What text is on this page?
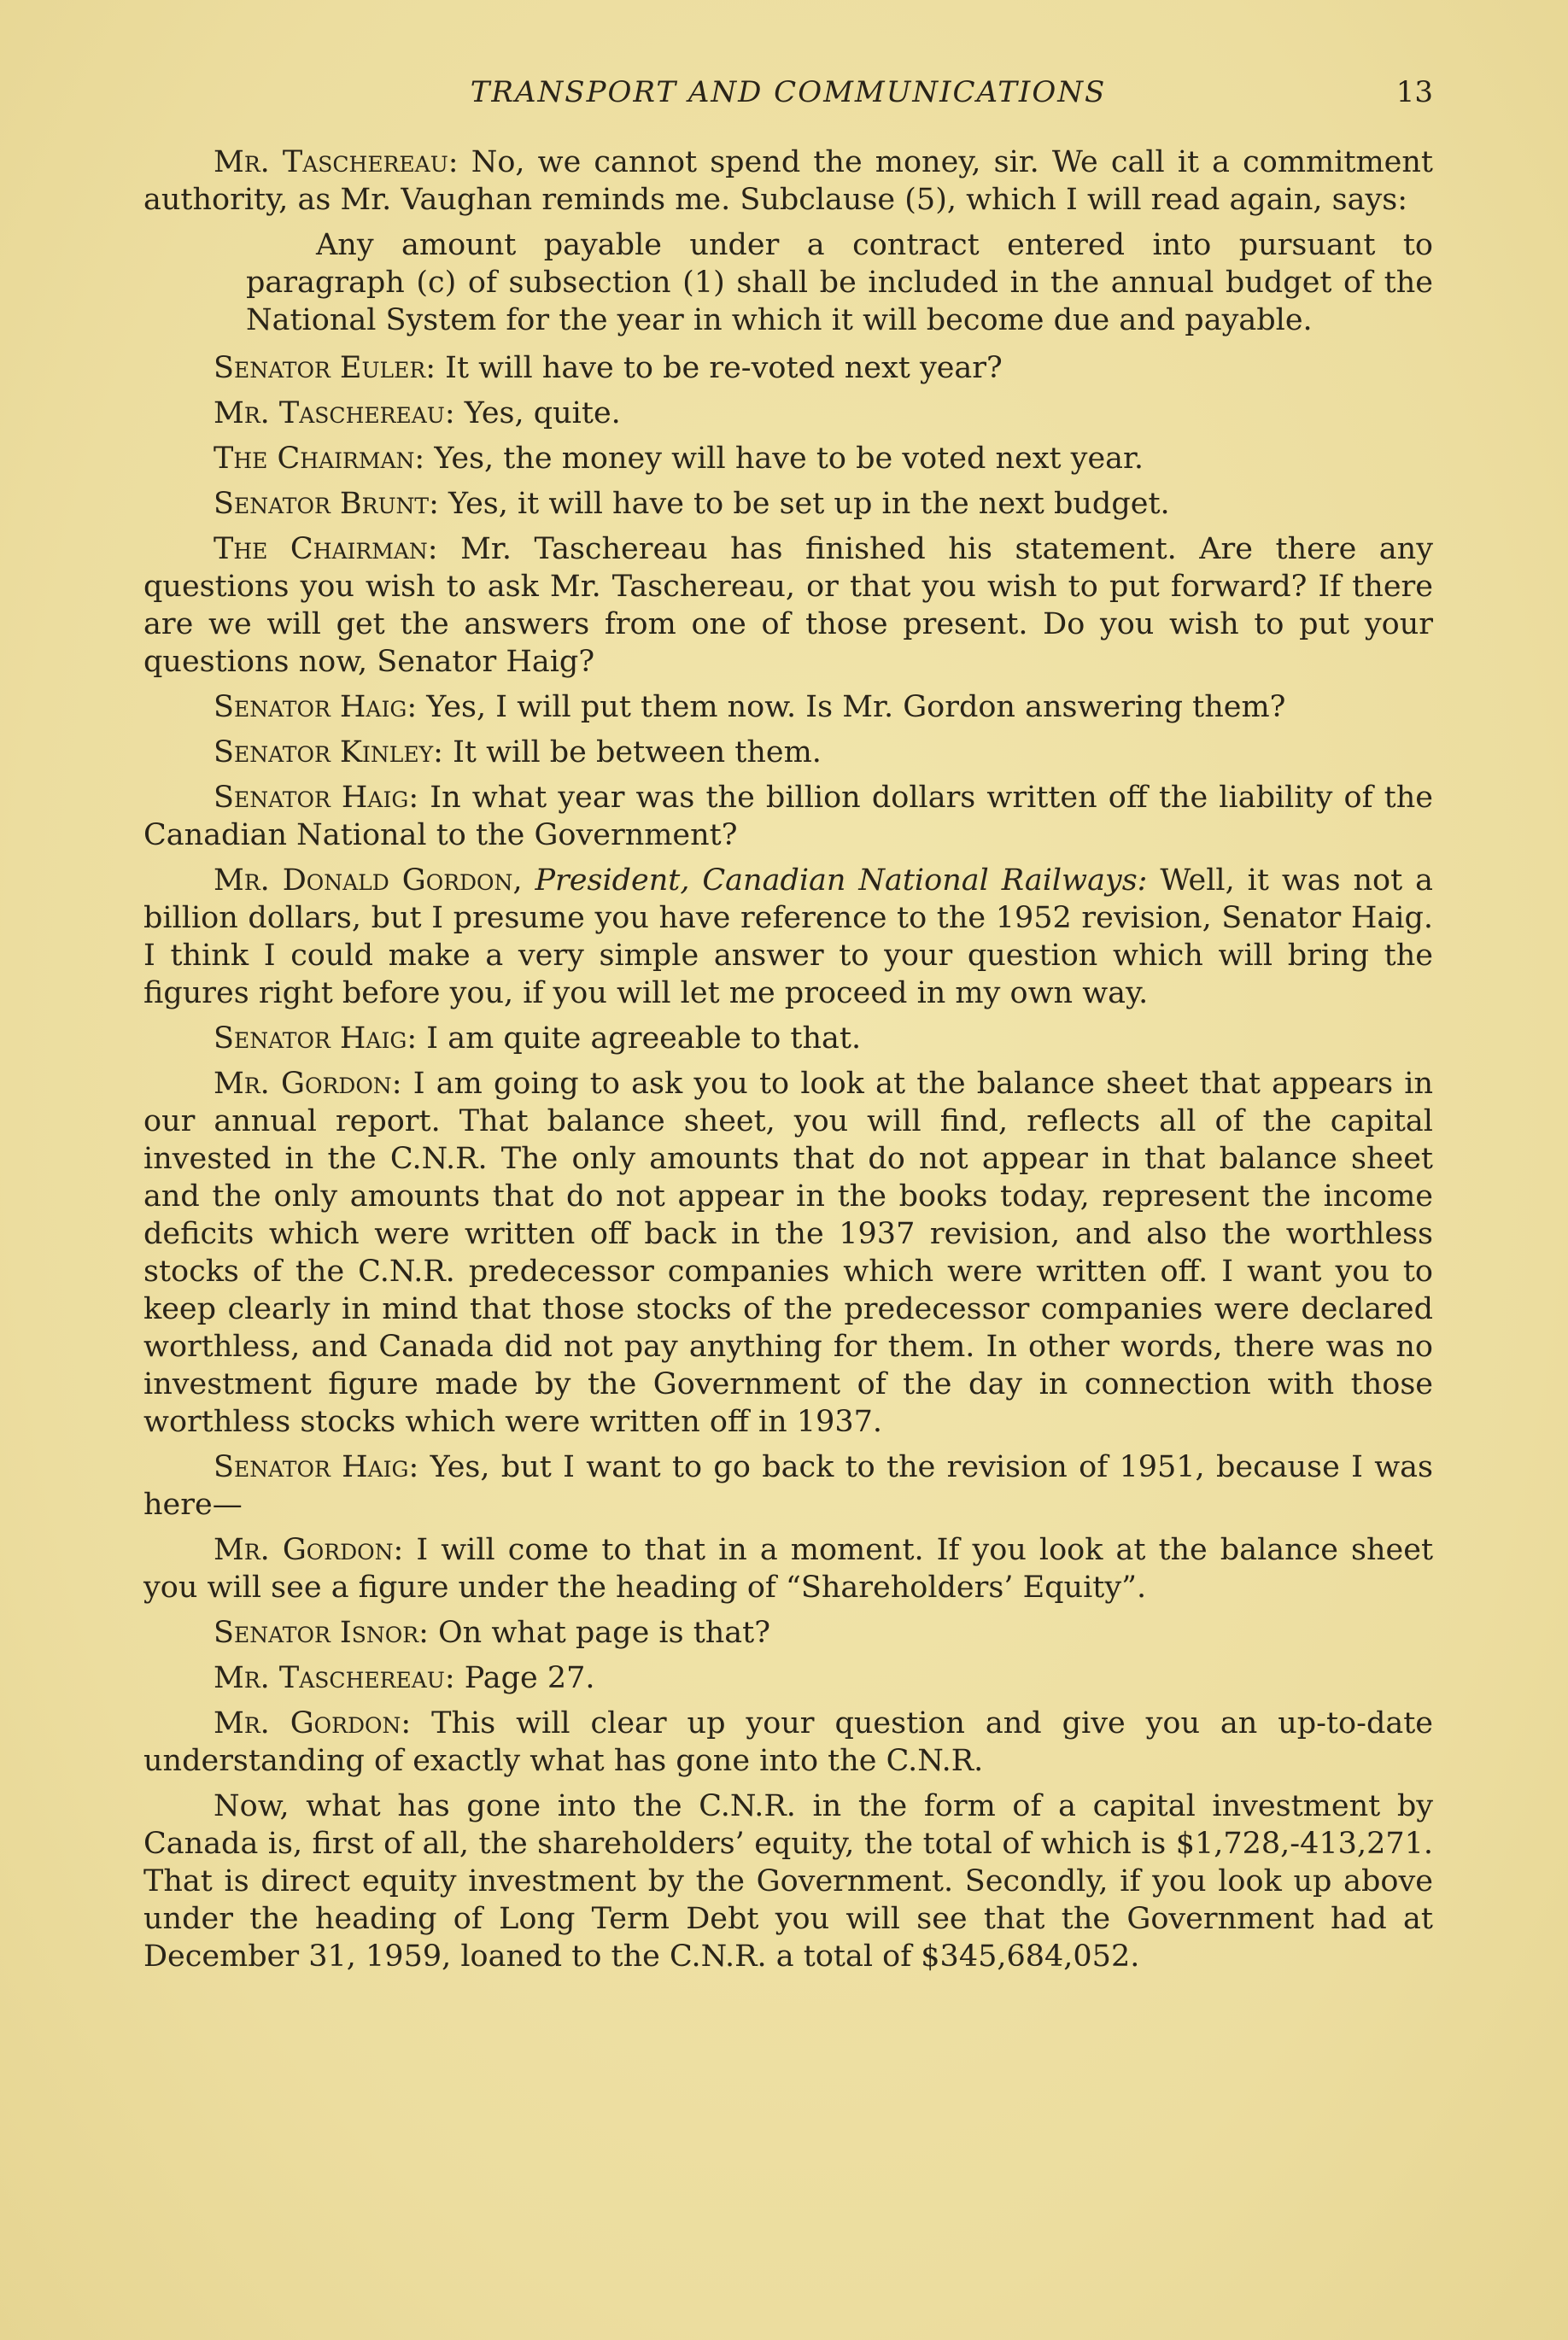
TRANSPORT AND COMMUNICATIONS	13

Mr. Taschereau: No, we cannot spend the money, sir. We call it a commitment authority, as Mr. Vaughan reminds me. Subclause (5), which I will read again, says:

Any amount payable under a contract entered into pursuant to paragraph (c) of subsection (1) shall be included in the annual budget of the National System for the year in which it will become due and payable.

Senator Euler: It will have to be re-voted next year?

Mr. Taschereau: Yes, quite.

The Chairman: Yes, the money will have to be voted next year.

Senator Brunt: Yes, it will have to be set up in the next budget.

The Chairman: Mr. Taschereau has finished his statement. Are there any questions you wish to ask Mr. Taschereau, or that you wish to put forward? If there are we will get the answers from one of those present. Do you wish to put your questions now, Senator Haig?

Senator Haig: Yes, I will put them now. Is Mr. Gordon answering them?

Senator Kinley: It will be between them.

Senator Haig: In what year was the billion dollars written off the liability of the Canadian National to the Government?

Mr. Donald Gordon, President, Canadian National Railways: Well, it was not a billion dollars, but I presume you have reference to the 1952 revision, Senator Haig. I think I could make a very simple answer to your question which will bring the figures right before you, if you will let me proceed in my own way.

Senator Haig: I am quite agreeable to that.

Mr. Gordon: I am going to ask you to look at the balance sheet that appears in our annual report. That balance sheet, you will find, reflects all of the capital invested in the C.N.R. The only amounts that do not appear in that balance sheet and the only amounts that do not appear in the books today, represent the income deficits which were written off back in the 1937 revision, and also the worthless stocks of the C.N.R. predecessor companies which were written off. I want you to keep clearly in mind that those stocks of the predecessor companies were declared worthless, and Canada did not pay anything for them. In other words, there was no investment figure made by the Government of the day in connection with those worthless stocks which were written off in 1937.

Senator Haig: Yes, but I want to go back to the revision of 1951, because I was here—

Mr. Gordon: I will come to that in a moment. If you look at the balance sheet you will see a figure under the heading of “Shareholders’ Equity”.

Senator Isnor: On what page is that?

Mr. Taschereau: Page 27.

Mr. Gordon: This will clear up your question and give you an up-to-date understanding of exactly what has gone into the C.N.R.

Now, what has gone into the C.N.R. in the form of a capital investment by Canada is, first of all, the shareholders’ equity, the total of which is $1,728,-413,271. That is direct equity investment by the Government. Secondly, if you look up above under the heading of Long Term Debt you will see that the Government had at December 31, 1959, loaned to the C.N.R. a total of $345,684,052.
